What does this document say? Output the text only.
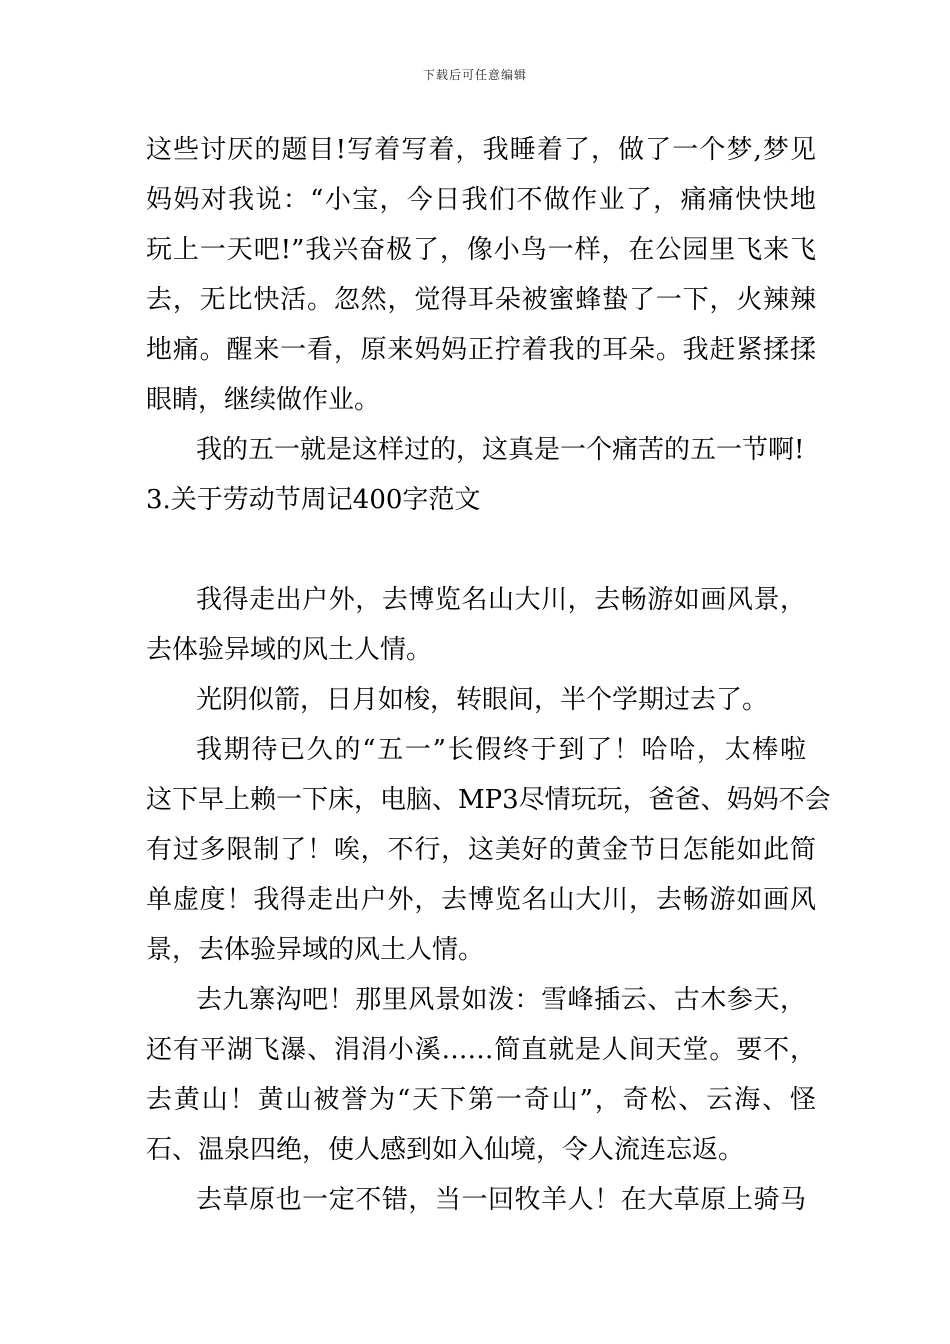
下载后可任意编辑
这些讨厌的题目!写着写着，我睡着了，做了一个梦,梦见
妈妈对我说：“小宝，今日我们不做作业了，痛痛快快地
玩上一天吧!”我兴奋极了，像小鸟一样，在公园里飞来飞
去，无比快活。忽然，觉得耳朵被蜜蜂蛰了一下，火辣辣
地痛。醒来一看，原来妈妈正拧着我的耳朵。我赶紧揉揉
眼睛，继续做作业。
我的五一就是这样过的，这真是一个痛苦的五一节啊!
3.关于劳动节周记400字范文
我得走出户外，去博览名山大川，去畅游如画风景，
去体验异域的风土人情。
光阴似箭，日月如梭，转眼间，半个学期过去了。
我期待已久的“五一”长假终于到了！哈哈，太棒啦
这下早上赖一下床，电脑、MP3尽情玩玩，爸爸、妈妈不会
有过多限制了！唉，不行，这美好的黄金节日怎能如此简
单虚度！我得走出户外，去博览名山大川，去畅游如画风
景，去体验异域的风土人情。
去九寨沟吧！那里风景如泼：雪峰插云、古木参天，
还有平湖飞瀑、涓涓小溪……简直就是人间天堂。要不，
去黄山！黄山被誉为“天下第一奇山”，奇松、云海、怪
石、温泉四绝，使人感到如入仙境，令人流连忘返。
去草原也一定不错，当一回牧羊人！在大草原上骑马
